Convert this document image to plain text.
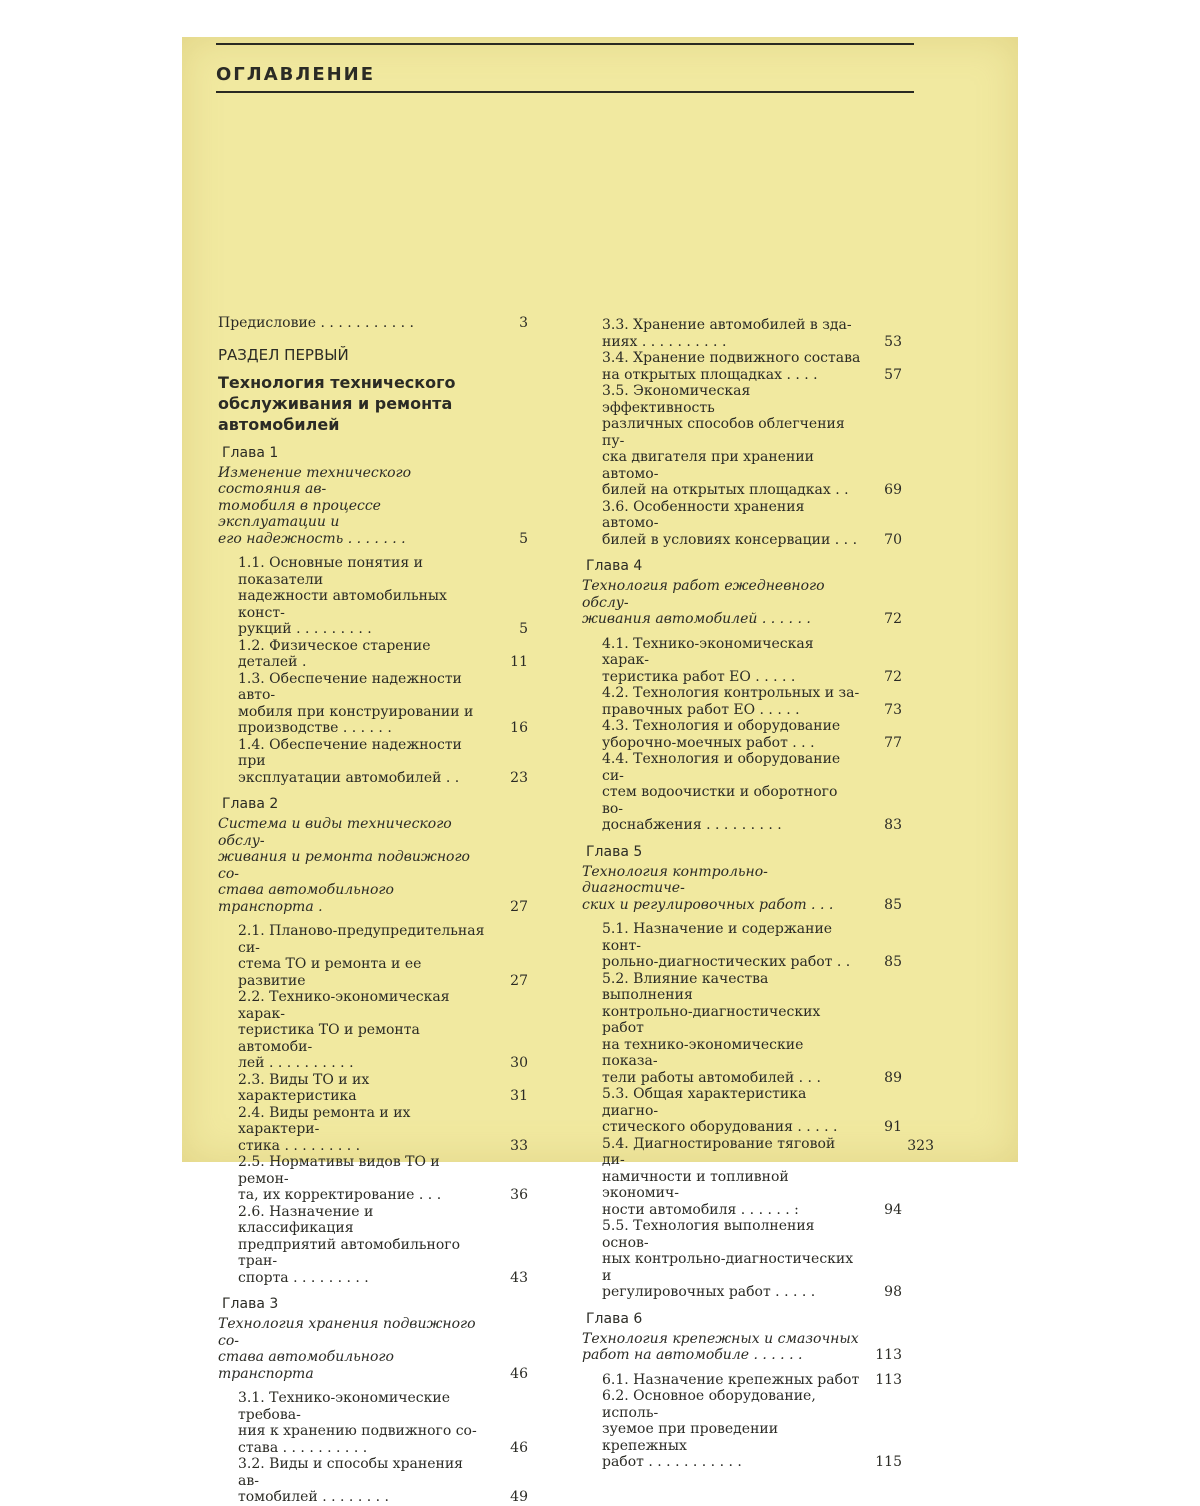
ОГЛАВЛЕНИЕ
Предисловие . . . . . . . . . . .	3
РАЗДЕЛ ПЕРВЫЙ
Технология технического
обслуживания и ремонта
автомобилей
Глава 1
Изменение технического состояния ав-
томобиля в процессе эксплуатации и
его надежность . . . . . . .	5
1.1. Основные понятия и показатели
надежности автомобильных конст-
рукций . . . . . . . . .	5
1.2. Физическое старение деталей .	11
1.3. Обеспечение надежности авто-
мобиля при конструировании и
производстве . . . . . .	16
1.4. Обеспечение надежности при
эксплуатации автомобилей . .	23
Глава 2
Система и виды технического обслу-
живания и ремонта подвижного со-
става автомобильного транспорта .	27
2.1. Планово-предупредительная си-
стема ТО и ремонта и ее развитие	27
2.2. Технико-экономическая харак-
теристика ТО и ремонта автомоби-
лей . . . . . . . . . .	30
2.3. Виды ТО и их характеристика	31
2.4. Виды ремонта и их характери-
стика . . . . . . . . .	33
2.5. Нормативы видов ТО и ремон-
та, их корректирование . . .	36
2.6. Назначение и классификация
предприятий автомобильного тран-
спорта . . . . . . . . .	43
Глава 3
Технология хранения подвижного со-
става автомобильного транспорта	46
3.1. Технико-экономические требова-
ния к хранению подвижного со-
става . . . . . . . . . .	46
3.2. Виды и способы хранения ав-
томобилей . . . . . . . .	49
3.3. Хранение автомобилей в зда-
ниях . . . . . . . . . .	53
3.4. Хранение подвижного состава
на открытых площадках . . . .	57
3.5. Экономическая эффективность
различных способов облегчения пу-
ска двигателя при хранении автомо-
билей на открытых площадках . .	69
3.6. Особенности хранения автомо-
билей в условиях консервации . . .	70
Глава 4
Технология работ ежедневного обслу-
живания автомобилей . . . . . .	72
4.1. Технико-экономическая харак-
теристика работ ЕО . . . . .	72
4.2. Технология контрольных и за-
правочных работ ЕО . . . . .	73
4.3. Технология и оборудование
уборочно-моечных работ . . .	77
4.4. Технология и оборудование си-
стем водоочистки и оборотного во-
доснабжения . . . . . . . . .	83
Глава 5
Технология контрольно-диагностиче-
ских и регулировочных работ . . .	85
5.1. Назначение и содержание конт-
рольно-диагностических работ . .	85
5.2. Влияние качества выполнения
контрольно-диагностических работ
на технико-экономические показа-
тели работы автомобилей . . .	89
5.3. Общая характеристика диагно-
стического оборудования . . . . .	91
5.4. Диагностирование тяговой ди-
намичности и топливной экономич-
ности автомобиля . . . . . . :	94
5.5. Технология выполнения основ-
ных контрольно-диагностических и
регулировочных работ . . . . .	98
Глава 6
Технология крепежных и смазочных
работ на автомобиле . . . . . .	113
6.1. Назначение крепежных работ	113
6.2. Основное оборудование, исполь-
зуемое при проведении крепежных
работ . . . . . . . . . . .	115
323
